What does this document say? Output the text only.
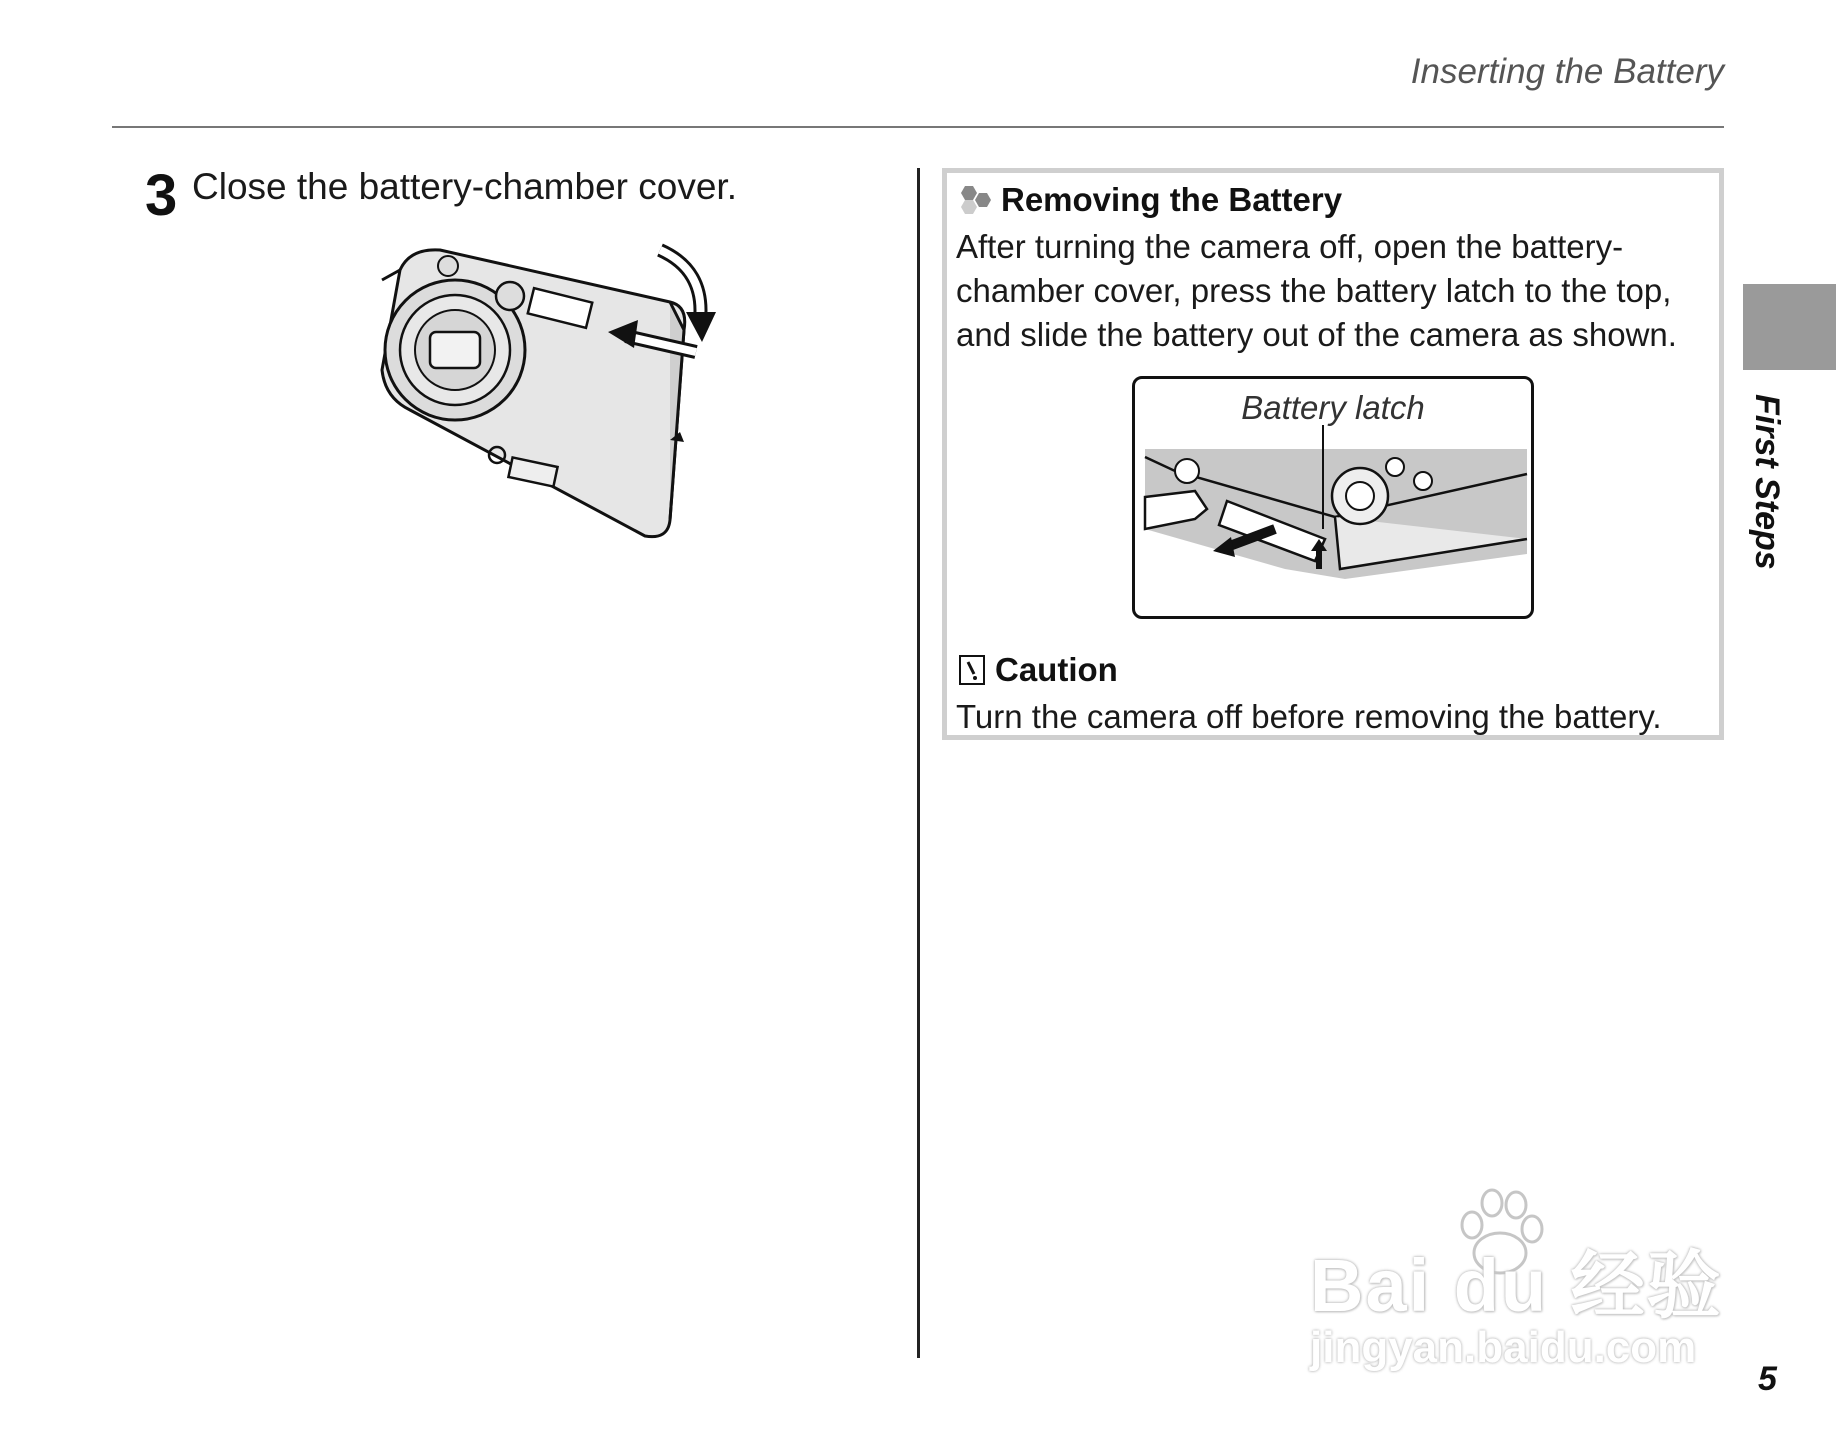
Inserting the Battery
3 Close the battery-chamber cover.	Removing the Battery
After turning the camera off, open the battery-chamber cover, press the battery latch to the top, and slide the battery out of the camera as shown.
Battery latch
Caution
Turn the camera off before removing the battery.
First Steps
5
Bai du 经验
jingyan.baidu.com
